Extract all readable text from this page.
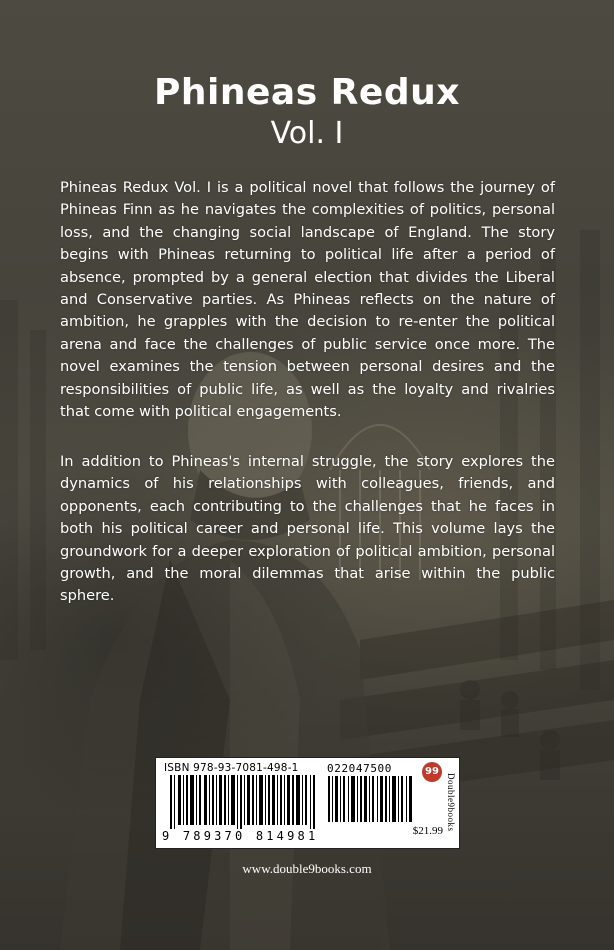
Phineas Redux
Vol. I

Phineas Redux Vol. I is a political novel that follows the journey of Phineas Finn as he navigates the complexities of politics, personal loss, and the changing social landscape of England. The story begins with Phineas returning to political life after a period of absence, prompted by a general election that divides the Liberal and Conservative parties. As Phineas reflects on the nature of ambition, he grapples with the decision to re-enter the political arena and face the challenges of public service once more. The novel examines the tension between personal desires and the responsibilities of public life, as well as the loyalty and rivalries that come with political engagements.

In addition to Phineas's internal struggle, the story explores the dynamics of his relationships with colleagues, friends, and opponents, each contributing to the challenges that he faces in both his political career and personal life. This volume lays the groundwork for a deeper exploration of political ambition, personal growth, and the moral dilemmas that arise within the public sphere.

ISBN 978-93-7081-498-1
9 789370 814981
022047500	99
Double9books
$21.99
www.double9books.com
